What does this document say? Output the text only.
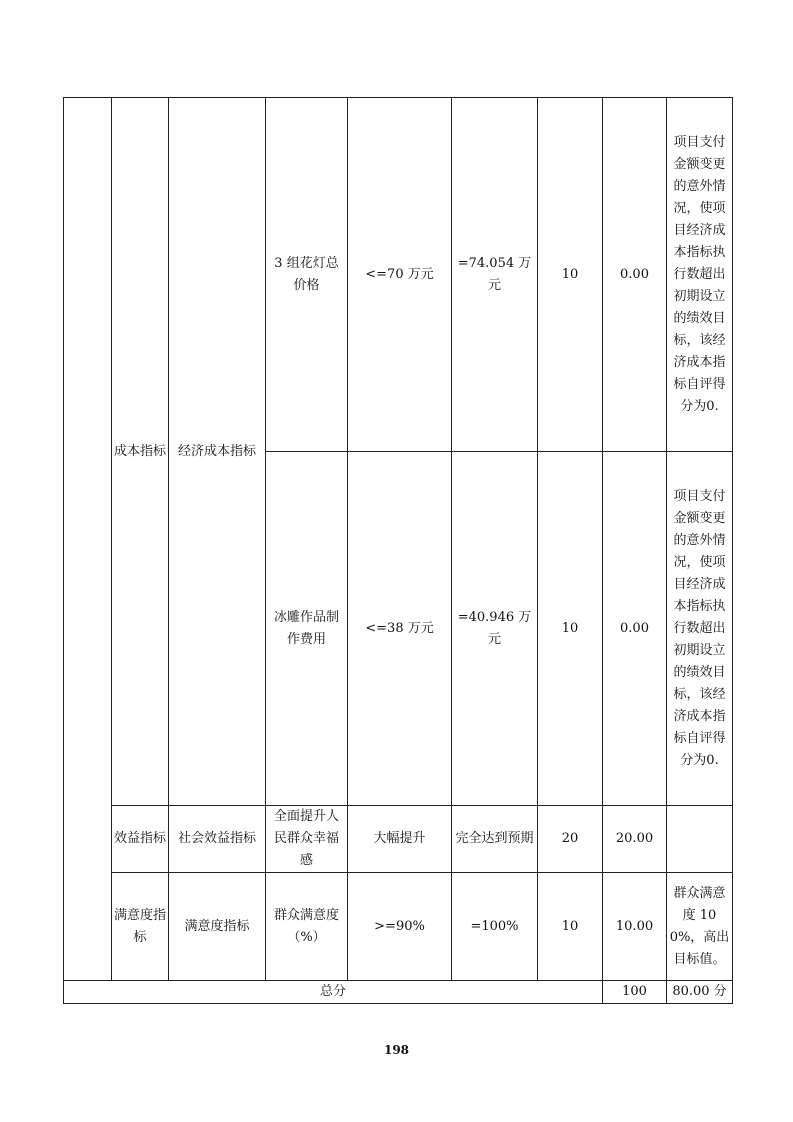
	成本指标	经济成本指标	3 组花灯总价格	<=70 万元	=74.054 万元	10	0.00	项目支付金额变更的意外情况，使项目经济成本指标执行数超出初期设立的绩效目标，该经济成本指标自评得分为0.	
			冰雕作品制作费用	<=38 万元	=40.946 万元	10	0.00	项目支付金额变更的意外情况，使项目经济成本指标执行数超出初期设立的绩效目标，该经济成本指标自评得分为0.	
	效益指标	社会效益指标	全面提升人民群众幸福感	大幅提升	完全达到预期	20	20.00		
	满意度指标	满意度指标	群众满意度（%）	>=90%	=100%	10	10.00	群众满意度 100%，高出目标值。	
总分							100	80.00 分	
198
